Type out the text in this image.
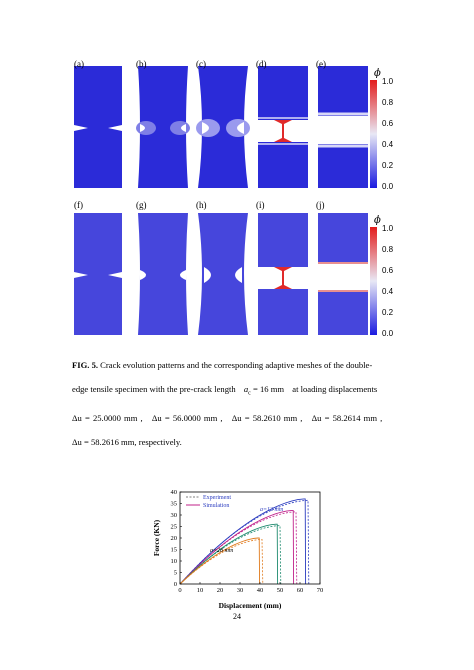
(a)	(b)	(c)	(d)	(e)
ϕ
1.0
0.8
0.6
0.4
0.2
0.0
(f)	(g)	(h)	(i)	(j)
ϕ
1.0
0.8
0.6
0.4
0.2
0.0
FIG. 5. Crack evolution patterns and the corresponding adaptive meshes of the double-
edge tensile specimen with the pre-crack length $a_c = 16$ mm at loading displacements
Δu = 25.0000 mm , Δu = 56.0000 mm , Δu = 58.2610 mm , Δu = 58.2614 mm ,
Δu = 58.2616 mm, respectively.
0 10 20 30 40 50 60 70
0
5
10
15
20
25
30
35
40
Displacement (mm)
Force (KN)
Experiment
Simulation
a=12 mm
a=28 mm
24
